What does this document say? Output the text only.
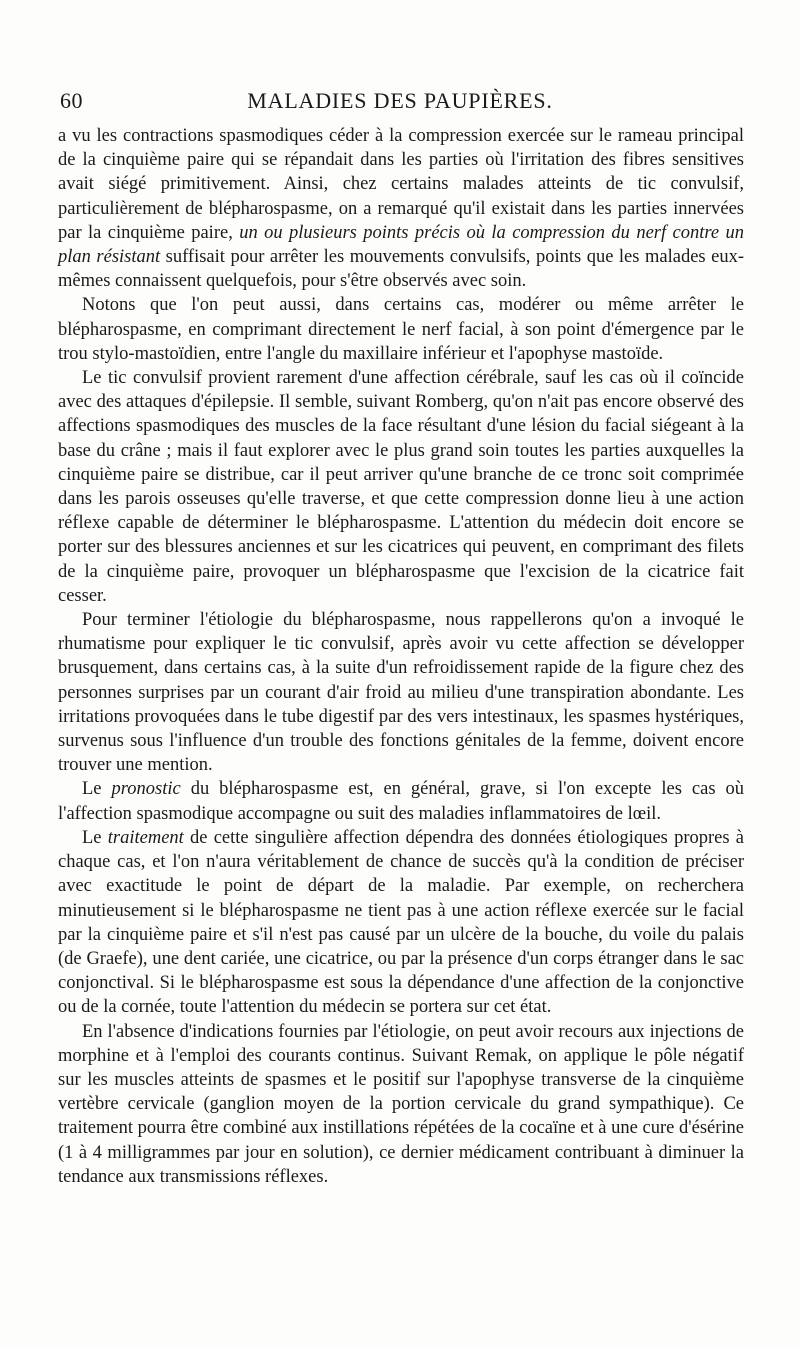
60	MALADIES DES PAUPIÈRES.

a vu les contractions spasmodiques céder à la compression exercée sur le rameau principal de la cinquième paire qui se répandait dans les parties où l'irritation des fibres sensitives avait siégé primitivement. Ainsi, chez certains malades atteints de tic convulsif, particulièrement de blépharospasme, on a remarqué qu'il existait dans les parties innervées par la cinquième paire, un ou plusieurs points précis où la compression du nerf contre un plan résistant suffisait pour arrêter les mouvements convulsifs, points que les malades eux-mêmes connaissent quelquefois, pour s'être observés avec soin.

Notons que l'on peut aussi, dans certains cas, modérer ou même arrêter le blépharospasme, en comprimant directement le nerf facial, à son point d'émergence par le trou stylo-mastoïdien, entre l'angle du maxillaire inférieur et l'apophyse mastoïde.

Le tic convulsif provient rarement d'une affection cérébrale, sauf les cas où il coïncide avec des attaques d'épilepsie. Il semble, suivant Romberg, qu'on n'ait pas encore observé des affections spasmodiques des muscles de la face résultant d'une lésion du facial siégeant à la base du crâne ; mais il faut explorer avec le plus grand soin toutes les parties auxquelles la cinquième paire se distribue, car il peut arriver qu'une branche de ce tronc soit comprimée dans les parois osseuses qu'elle traverse, et que cette compression donne lieu à une action réflexe capable de déterminer le blépharospasme. L'attention du médecin doit encore se porter sur des blessures anciennes et sur les cicatrices qui peuvent, en comprimant des filets de la cinquième paire, provoquer un blépharospasme que l'excision de la cicatrice fait cesser.

Pour terminer l'étiologie du blépharospasme, nous rappellerons qu'on a invoqué le rhumatisme pour expliquer le tic convulsif, après avoir vu cette affection se développer brusquement, dans certains cas, à la suite d'un refroidissement rapide de la figure chez des personnes surprises par un courant d'air froid au milieu d'une transpiration abondante. Les irritations provoquées dans le tube digestif par des vers intestinaux, les spasmes hystériques, survenus sous l'influence d'un trouble des fonctions génitales de la femme, doivent encore trouver une mention.

Le pronostic du blépharospasme est, en général, grave, si l'on excepte les cas où l'affection spasmodique accompagne ou suit des maladies inflammatoires de lœil.

Le traitement de cette singulière affection dépendra des données étiologiques propres à chaque cas, et l'on n'aura véritablement de chance de succès qu'à la condition de préciser avec exactitude le point de départ de la maladie. Par exemple, on recherchera minutieusement si le blépharospasme ne tient pas à une action réflexe exercée sur le facial par la cinquième paire et s'il n'est pas causé par un ulcère de la bouche, du voile du palais (de Graefe), une dent cariée, une cicatrice, ou par la présence d'un corps étranger dans le sac conjonctival. Si le blépharospasme est sous la dépendance d'une affection de la conjonctive ou de la cornée, toute l'attention du médecin se portera sur cet état.

En l'absence d'indications fournies par l'étiologie, on peut avoir recours aux injections de morphine et à l'emploi des courants continus. Suivant Remak, on applique le pôle négatif sur les muscles atteints de spasmes et le positif sur l'apophyse transverse de la cinquième vertèbre cervicale (ganglion moyen de la portion cervicale du grand sympathique). Ce traitement pourra être combiné aux instillations répétées de la cocaïne et à une cure d'ésérine (1 à 4 milligrammes par jour en solution), ce dernier médicament contribuant à diminuer la tendance aux transmissions réflexes.
